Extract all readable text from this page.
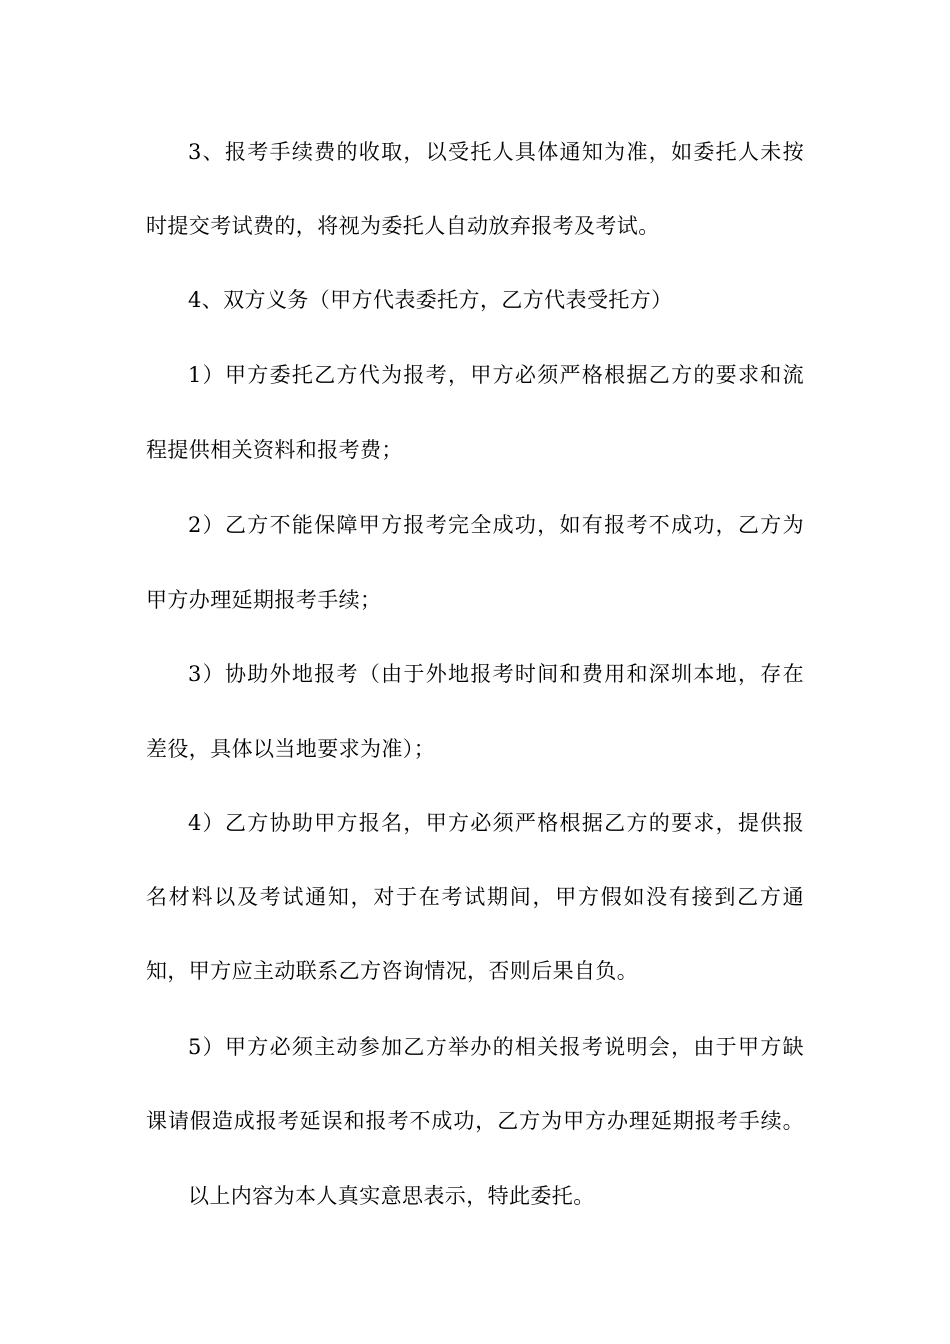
3、报考手续费的收取，以受托人具体通知为准，如委托人未按
时提交考试费的，将视为委托人自动放弃报考及考试。
4、双方义务（甲方代表委托方，乙方代表受托方）
1）甲方委托乙方代为报考，甲方必须严格根据乙方的要求和流
程提供相关资料和报考费；
2）乙方不能保障甲方报考完全成功，如有报考不成功，乙方为
甲方办理延期报考手续；
3）协助外地报考（由于外地报考时间和费用和深圳本地，存在
差役，具体以当地要求为准）；
4）乙方协助甲方报名，甲方必须严格根据乙方的要求，提供报
名材料以及考试通知，对于在考试期间，甲方假如没有接到乙方通
知，甲方应主动联系乙方咨询情况，否则后果自负。
5）甲方必须主动参加乙方举办的相关报考说明会，由于甲方缺
课请假造成报考延误和报考不成功，乙方为甲方办理延期报考手续。
以上内容为本人真实意思表示，特此委托。
